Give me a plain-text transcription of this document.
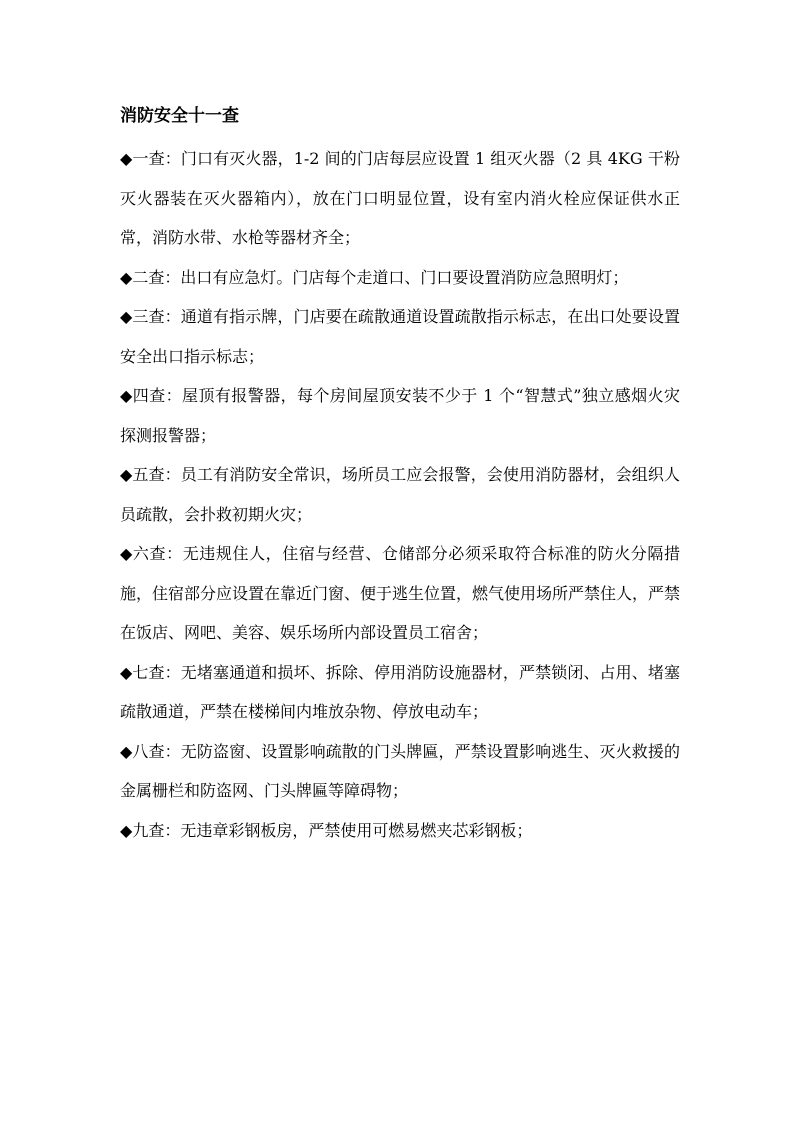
消防安全十一查

◆一查：门口有灭火器，1-2 间的门店每层应设置 1 组灭火器（2 具 4KG 干粉灭火器装在灭火器箱内），放在门口明显位置，设有室内消火栓应保证供水正常，消防水带、水枪等器材齐全；

◆二查：出口有应急灯。门店每个走道口、门口要设置消防应急照明灯；

◆三查：通道有指示牌，门店要在疏散通道设置疏散指示标志，在出口处要设置安全出口指示标志；

◆四查：屋顶有报警器，每个房间屋顶安装不少于 1 个“智慧式”独立感烟火灾探测报警器；

◆五查：员工有消防安全常识，场所员工应会报警，会使用消防器材，会组织人员疏散，会扑救初期火灾；

◆六查：无违规住人，住宿与经营、仓储部分必须采取符合标准的防火分隔措施，住宿部分应设置在靠近门窗、便于逃生位置，燃气使用场所严禁住人，严禁在饭店、网吧、美容、娱乐场所内部设置员工宿舍；

◆七查：无堵塞通道和损坏、拆除、停用消防设施器材，严禁锁闭、占用、堵塞疏散通道，严禁在楼梯间内堆放杂物、停放电动车；

◆八查：无防盗窗、设置影响疏散的门头牌匾，严禁设置影响逃生、灭火救援的金属栅栏和防盗网、门头牌匾等障碍物；

◆九查：无违章彩钢板房，严禁使用可燃易燃夹芯彩钢板；
